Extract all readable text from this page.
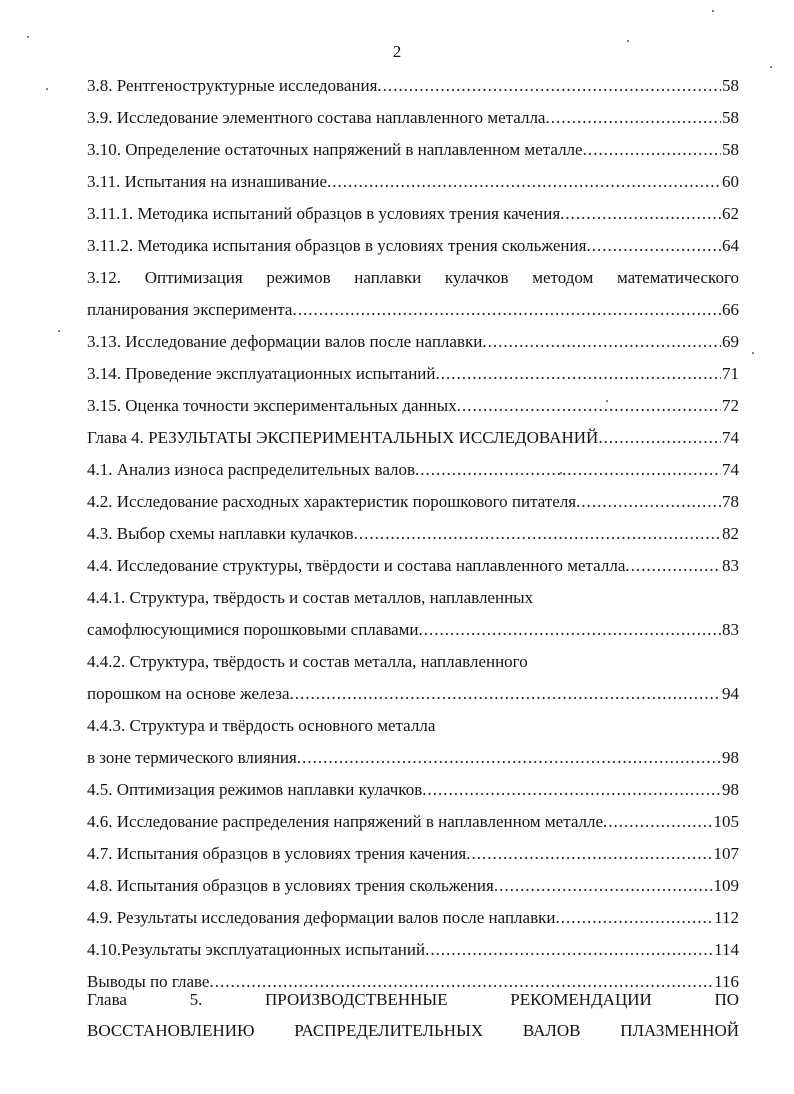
2
3.8. Рентгеноструктурные исследования .....	58
3.9. Исследование элементного состава наплавленного металла .....	58
3.10. Определение остаточных напряжений в наплавленном металле .....	58
3.11. Испытания на изнашивание .....	60
3.11.1. Методика испытаний образцов в условиях трения качения .....	62
3.11.2. Методика испытания образцов в условиях трения скольжения .....	64
3.12. Оптимизация режимов наплавки кулачков методом математического
планирования эксперимента .....	66
3.13. Исследование деформации валов после наплавки .....	69
3.14. Проведение эксплуатационных испытаний .....	71
3.15. Оценка точности экспериментальных данных .....	72
Глава 4. РЕЗУЛЬТАТЫ ЭКСПЕРИМЕНТАЛЬНЫХ ИССЛЕДОВАНИЙ .....	74
4.1. Анализ износа распределительных валов .....	74
4.2. Исследование расходных характеристик порошкового питателя .....	78
4.3. Выбор схемы наплавки кулачков .....	82
4.4. Исследование структуры, твёрдости и состава наплавленного металла .....	83
4.4.1. Структура, твёрдость и состав металлов, наплавленных
самофлюсующимися порошковыми сплавами .....	83
4.4.2. Структура, твёрдость и состав металла, наплавленного
порошком на основе железа .....	94
4.4.3. Структура и твёрдость основного металла
в зоне термического влияния .....	98
4.5. Оптимизация режимов наплавки кулачков .....	98
4.6. Исследование распределения напряжений в наплавленном металле .....	105
4.7. Испытания образцов в условиях трения качения .....	107
4.8. Испытания образцов в условиях трения скольжения .....	109
4.9. Результаты исследования деформации валов после наплавки .....	112
4.10.Результаты эксплуатационных испытаний .....	114
Выводы по главе .....	116
Глава 5. ПРОИЗВОДСТВЕННЫЕ РЕКОМЕНДАЦИИ ПО
ВОССТАНОВЛЕНИЮ РАСПРЕДЕЛИТЕЛЬНЫХ ВАЛОВ ПЛАЗМЕННОЙ
